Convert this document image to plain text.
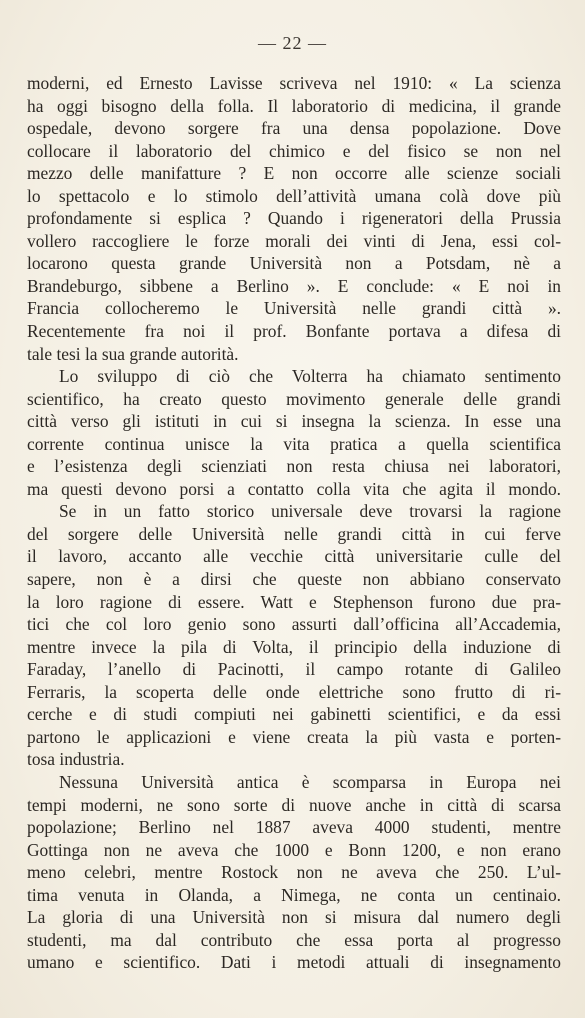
— 22 —
moderni, ed Ernesto Lavisse scriveva nel 1910: « La scienza
ha oggi bisogno della folla. Il laboratorio di medicina, il grande
ospedale, devono sorgere fra una densa popolazione. Dove
collocare il laboratorio del chimico e del fisico se non nel
mezzo delle manifatture ? E non occorre alle scienze sociali
lo spettacolo e lo stimolo dell’attività umana colà dove più
profondamente si esplica ? Quando i rigeneratori della Prussia
vollero raccogliere le forze morali dei vinti di Jena, essi col-
locarono questa grande Università non a Potsdam, nè a
Brandeburgo, sibbene a Berlino ». E conclude: « E noi in
Francia collocheremo le Università nelle grandi città ».
Recentemente fra noi il prof. Bonfante portava a difesa di
tale tesi la sua grande autorità.
Lo sviluppo di ciò che Volterra ha chiamato sentimento
scientifico, ha creato questo movimento generale delle grandi
città verso gli istituti in cui si insegna la scienza. In esse una
corrente continua unisce la vita pratica a quella scientifica
e l’esistenza degli scienziati non resta chiusa nei laboratori,
ma questi devono porsi a contatto colla vita che agita il mondo.
Se in un fatto storico universale deve trovarsi la ragione
del sorgere delle Università nelle grandi città in cui ferve
il lavoro, accanto alle vecchie città universitarie culle del
sapere, non è a dirsi che queste non abbiano conservato
la loro ragione di essere. Watt e Stephenson furono due pra-
tici che col loro genio sono assurti dall’officina all’Accademia,
mentre invece la pila di Volta, il principio della induzione di
Faraday, l’anello di Pacinotti, il campo rotante di Galileo
Ferraris, la scoperta delle onde elettriche sono frutto di ri-
cerche e di studi compiuti nei gabinetti scientifici, e da essi
partono le applicazioni e viene creata la più vasta e porten-
tosa industria.
Nessuna Università antica è scomparsa in Europa nei
tempi moderni, ne sono sorte di nuove anche in città di scarsa
popolazione; Berlino nel 1887 aveva 4000 studenti, mentre
Gottinga non ne aveva che 1000 e Bonn 1200, e non erano
meno celebri, mentre Rostock non ne aveva che 250. L’ul-
tima venuta in Olanda, a Nimega, ne conta un centinaio.
La gloria di una Università non si misura dal numero degli
studenti, ma dal contributo che essa porta al progresso
umano e scientifico. Dati i metodi attuali di insegnamento
